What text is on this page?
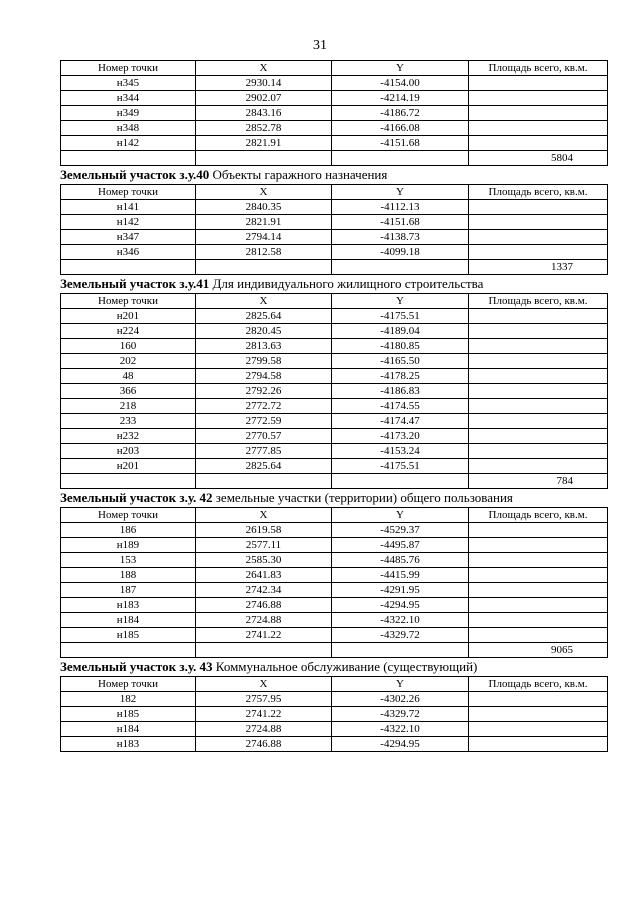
31
Номер точки	X	Y	Площадь всего, кв.м.
н345	2930.14	-4154.00	
н344	2902.07	-4214.19	
н349	2843.16	-4186.72	
н348	2852.78	-4166.08	
н142	2821.91	-4151.68	
			5804
Земельный участок з.у.40 Объекты гаражного назначения
Номер точки	X	Y	Площадь всего, кв.м.
н141	2840.35	-4112.13	
н142	2821.91	-4151.68	
н347	2794.14	-4138.73	
н346	2812.58	-4099.18	
			1337
Земельный участок з.у.41 Для индивидуального жилищного строительства
Номер точки	X	Y	Площадь всего, кв.м.
н201	2825.64	-4175.51	
н224	2820.45	-4189.04	
160	2813.63	-4180.85	
202	2799.58	-4165.50	
48	2794.58	-4178.25	
366	2792.26	-4186.83	
218	2772.72	-4174.55	
233	2772.59	-4174.47	
н232	2770.57	-4173.20	
н203	2777.85	-4153.24	
н201	2825.64	-4175.51	
			784
Земельный участок з.у. 42 земельные участки (территории) общего пользования
Номер точки	X	Y	Площадь всего, кв.м.
186	2619.58	-4529.37	
н189	2577.11	-4495.87	
153	2585.30	-4485.76	
188	2641.83	-4415.99	
187	2742.34	-4291.95	
н183	2746.88	-4294.95	
н184	2724.88	-4322.10	
н185	2741.22	-4329.72	
			9065
Земельный участок з.у. 43 Коммунальное обслуживание (существующий)
Номер точки	X	Y	Площадь всего, кв.м.
182	2757.95	-4302.26	
н185	2741.22	-4329.72	
н184	2724.88	-4322.10	
н183	2746.88	-4294.95	
